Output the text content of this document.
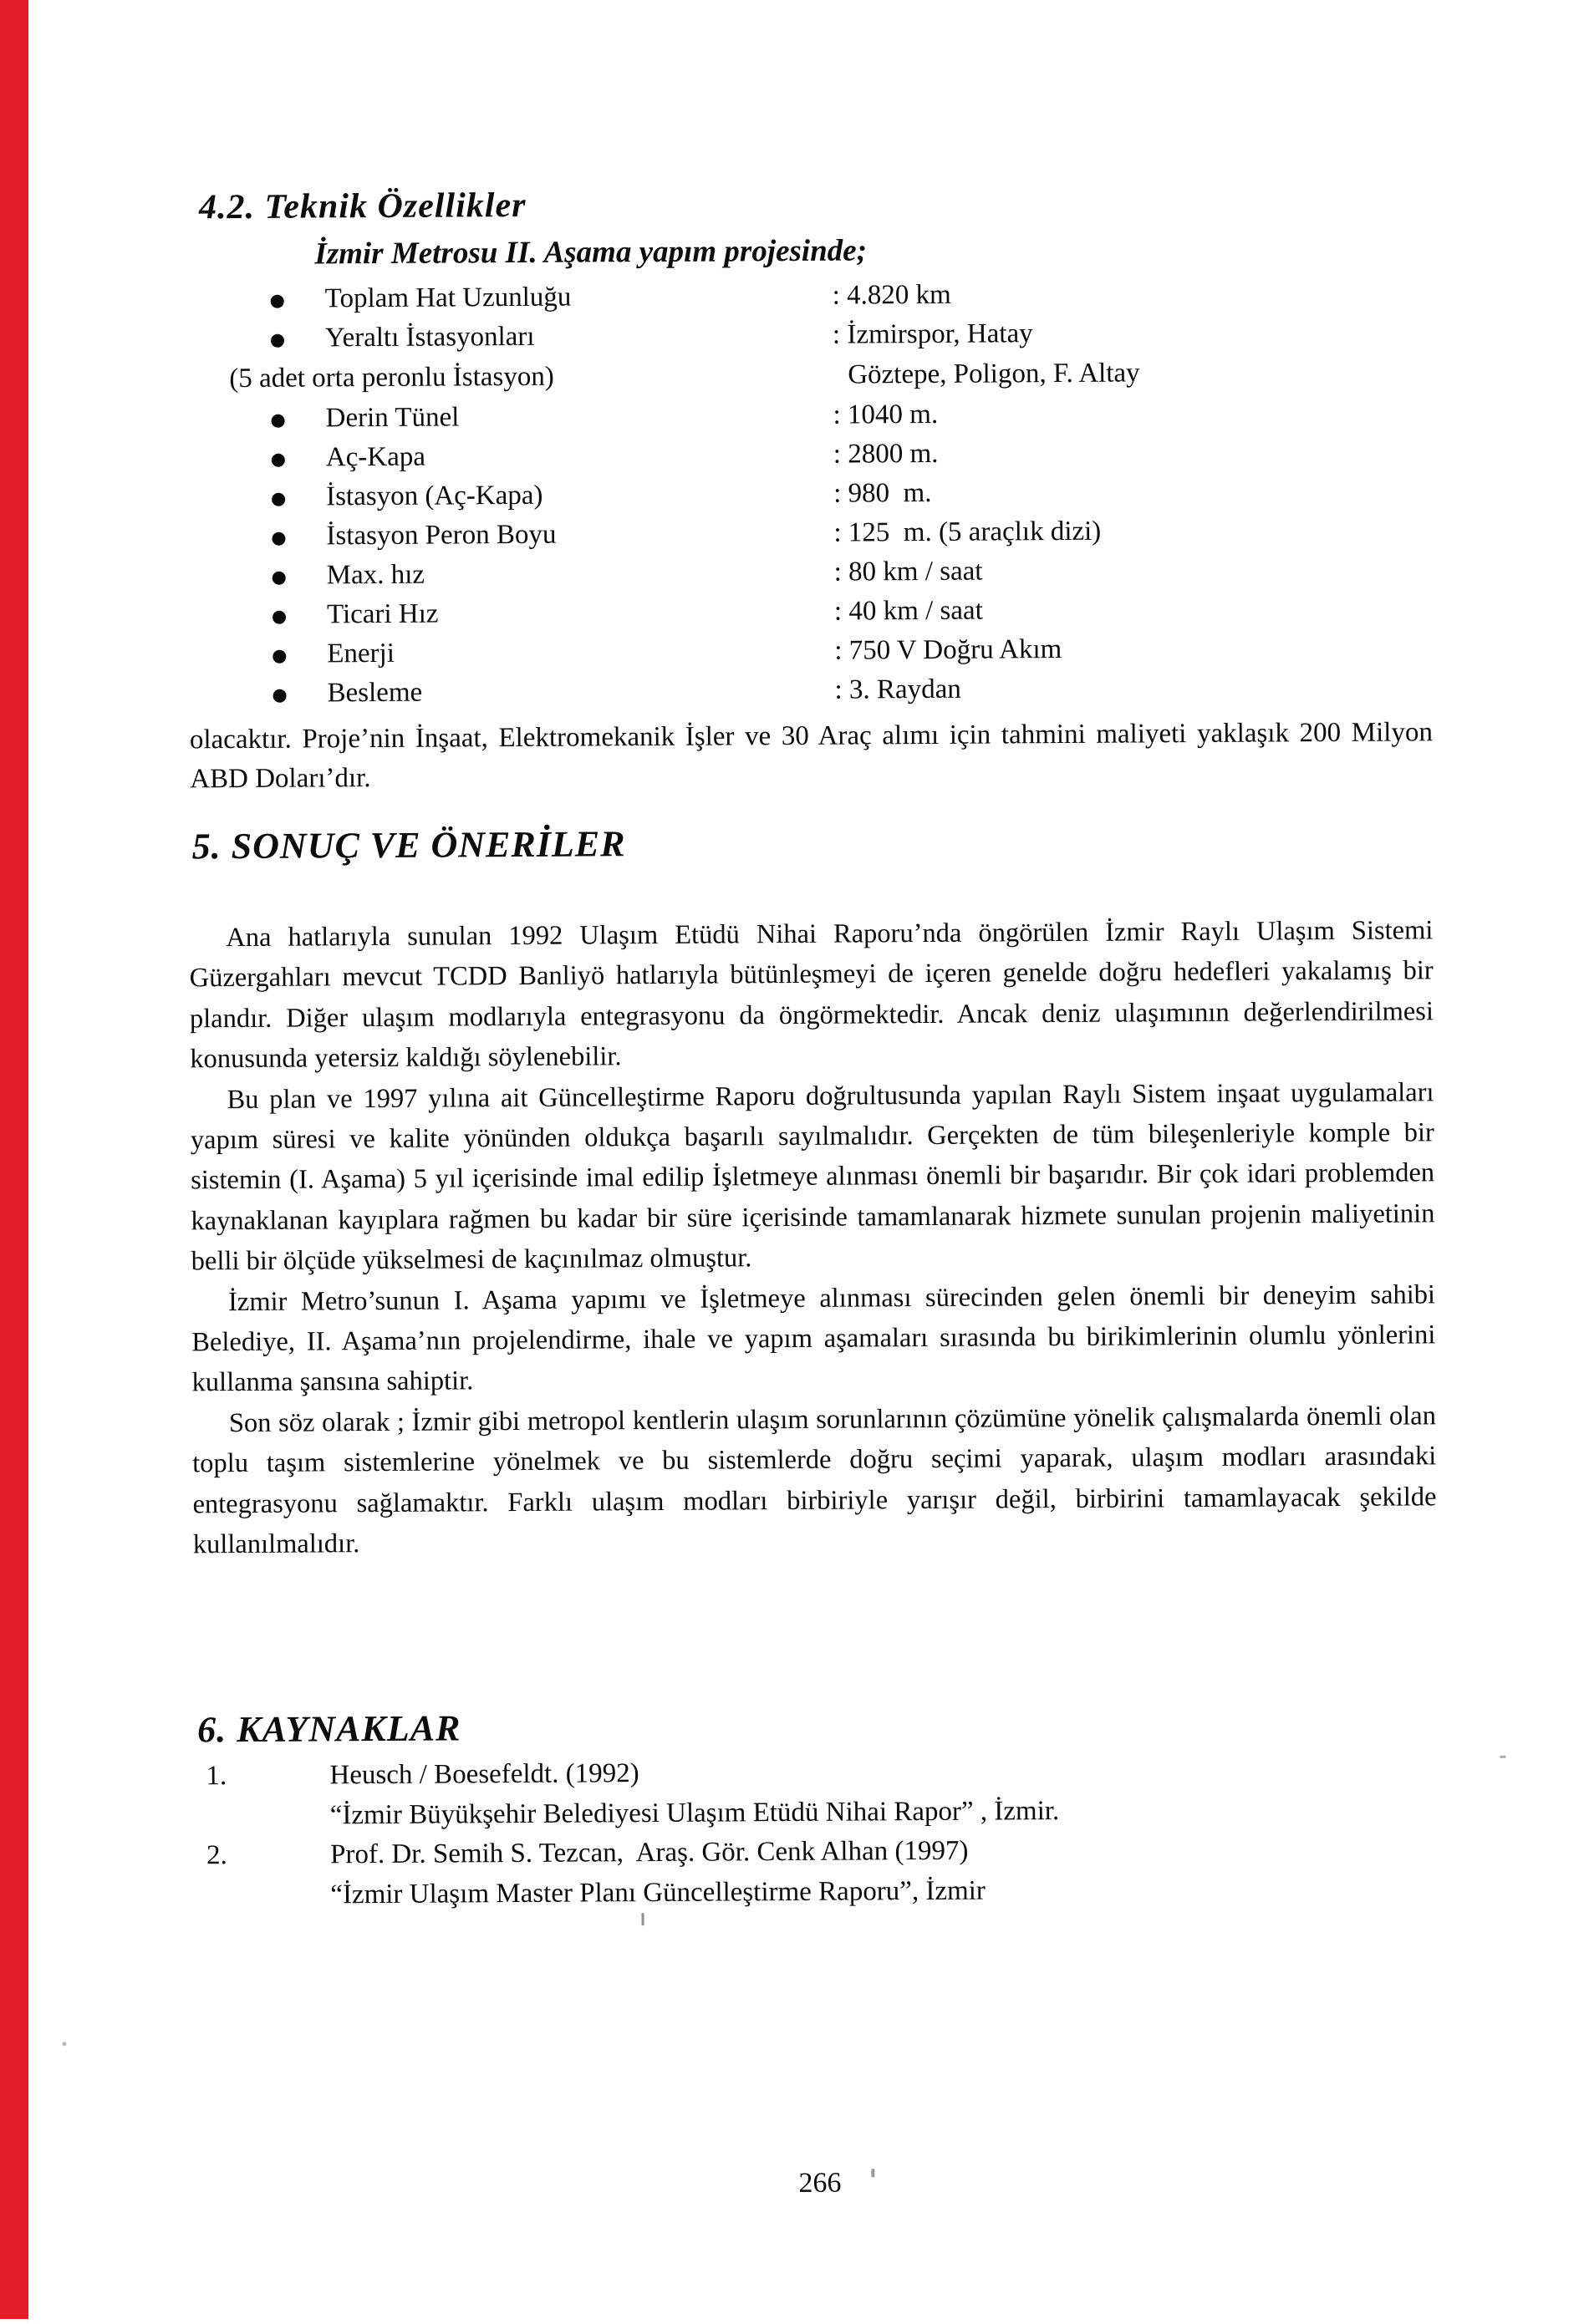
4.2. Teknik Özellikler
İzmir Metrosu II. Aşama yapım projesinde;
Toplam Hat Uzunluğu	: 4.820 km
Yeraltı İstasyonları	: İzmirspor, Hatay
(5 adet orta peronlu İstasyon)	Göztepe, Poligon, F. Altay
Derin Tünel	: 1040 m.
Aç-Kapa	: 2800 m.
İstasyon (Aç-Kapa)	: 980  m.
İstasyon Peron Boyu	: 125  m. (5 araçlık dizi)
Max. hız	: 80 km / saat
Ticari Hız	: 40 km / saat
Enerji	: 750 V Doğru Akım
Besleme	: 3. Raydan
olacaktır. Proje’nin İnşaat, Elektromekanik İşler ve 30 Araç alımı için tahmini maliyeti yaklaşık 200 Milyon ABD Doları’dır.
5. SONUÇ VE ÖNERİLER

Ana hatlarıyla sunulan 1992 Ulaşım Etüdü Nihai Raporu’nda öngörülen İzmir Raylı Ulaşım Sistemi Güzergahları mevcut TCDD Banliyö hatlarıyla bütünleşmeyi de içeren genelde doğru hedefleri yakalamış bir plandır. Diğer ulaşım modlarıyla entegrasyonu da öngörmektedir. Ancak deniz ulaşımının değerlendirilmesi konusunda yetersiz kaldığı söylenebilir.

Bu plan ve 1997 yılına ait Güncelleştirme Raporu doğrultusunda yapılan Raylı Sistem inşaat uygulamaları yapım süresi ve kalite yönünden oldukça başarılı sayılmalıdır. Gerçekten de tüm bileşenleriyle komple bir sistemin (I. Aşama) 5 yıl içerisinde imal edilip İşletmeye alınması önemli bir başarıdır. Bir çok idari problemden kaynaklanan kayıplara rağmen bu kadar bir süre içerisinde tamamlanarak hizmete sunulan projenin maliyetinin belli bir ölçüde yükselmesi de kaçınılmaz olmuştur.

İzmir Metro’sunun I. Aşama yapımı ve İşletmeye alınması sürecinden gelen önemli bir deneyim sahibi Belediye, II. Aşama’nın projelendirme, ihale ve yapım aşamaları sırasında bu birikimlerinin olumlu yönlerini kullanma şansına sahiptir.

Son söz olarak ; İzmir gibi metropol kentlerin ulaşım sorunlarının çözümüne yönelik çalışmalarda önemli olan toplu taşım sistemlerine yönelmek ve bu sistemlerde doğru seçimi yaparak, ulaşım modları arasındaki entegrasyonu sağlamaktır. Farklı ulaşım modları birbiriyle yarışır değil, birbirini tamamlayacak şekilde kullanılmalıdır.

6. KAYNAKLAR
1.	Heusch / Boesefeldt. (1992)
“İzmir Büyükşehir Belediyesi Ulaşım Etüdü Nihai Rapor” , İzmir.
2.	Prof. Dr. Semih S. Tezcan,  Araş. Gör. Cenk Alhan (1997)
“İzmir Ulaşım Master Planı Güncelleştirme Raporu”, İzmir
266
